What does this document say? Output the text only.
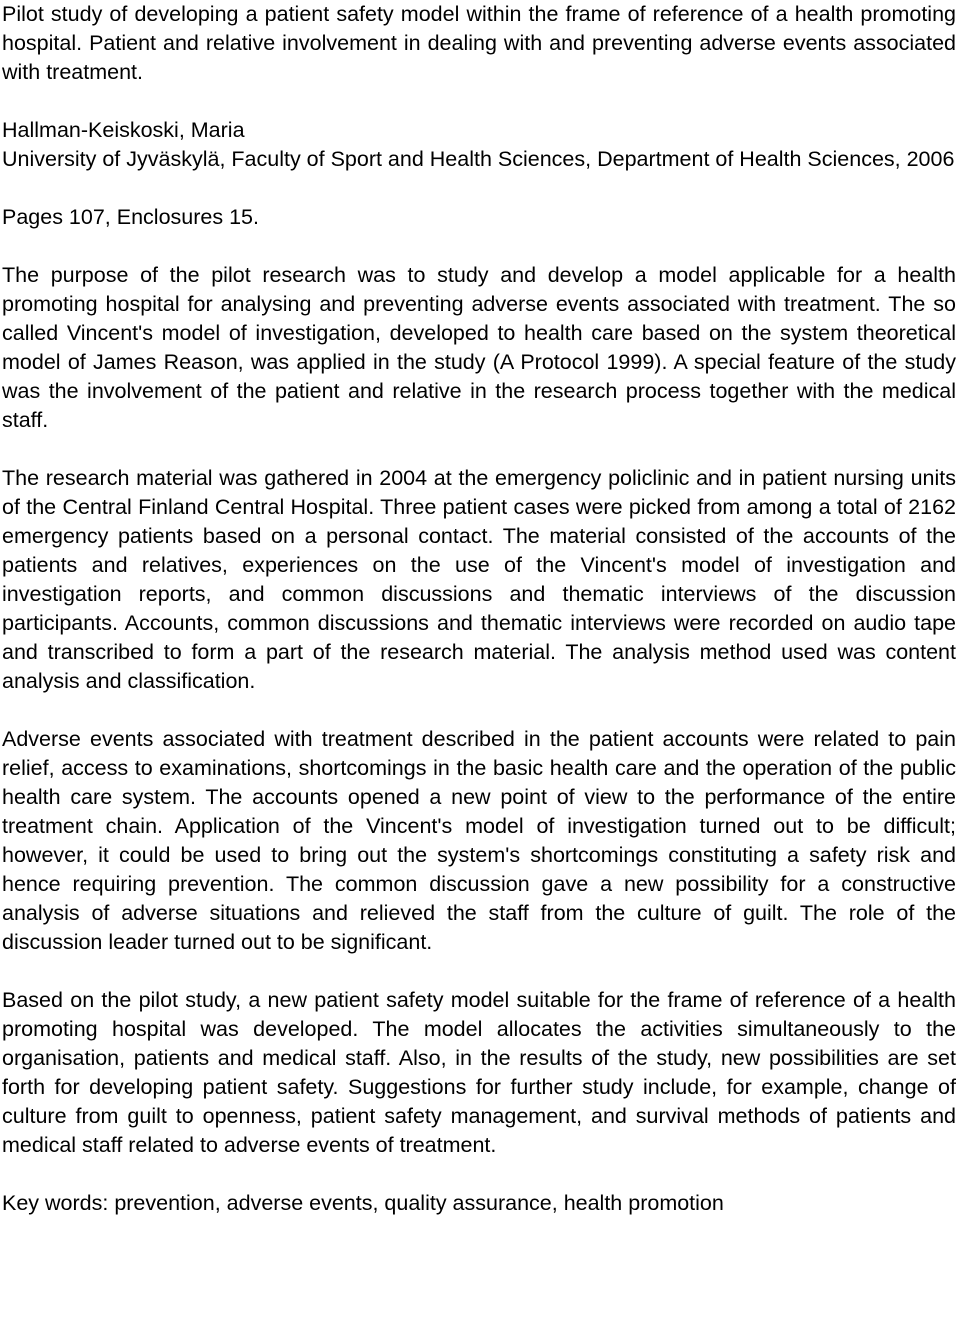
Pilot study of developing a patient safety model within the frame of reference of a health promoting hospital. Patient and relative involvement in dealing with and preventing adverse events associated with treatment.

Hallman-Keiskoski, Maria

University of Jyväskylä, Faculty of Sport and Health Sciences, Department of Health Sciences, 2006

Pages 107, Enclosures 15.

The purpose of the pilot research was to study and develop a model applicable for a health promoting hospital for analysing and preventing adverse events associated with treatment. The so called Vincent's model of investigation, developed to health care based on the system theoretical model of James Reason, was applied in the study (A Protocol 1999). A special feature of the study was the involvement of the patient and relative in the research process together with the medical staff.

The research material was gathered in 2004 at the emergency policlinic and in patient nursing units of the Central Finland Central Hospital. Three patient cases were picked from among a total of 2162 emergency patients based on a personal contact. The material consisted of the accounts of the patients and relatives, experiences on the use of the Vincent's model of investigation and investigation reports, and common discussions and thematic interviews of the discussion participants. Accounts, common discussions and thematic interviews were recorded on audio tape and transcribed to form a part of the research material. The analysis method used was content analysis and classification.

Adverse events associated with treatment described in the patient accounts were related to pain relief, access to examinations, shortcomings in the basic health care and the operation of the public health care system. The accounts opened a new point of view to the performance of the entire treatment chain. Application of the Vincent's model of investigation turned out to be difficult; however, it could be used to bring out the system's shortcomings constituting a safety risk and hence requiring prevention. The common discussion gave a new possibility for a constructive analysis of adverse situations and relieved the staff from the culture of guilt. The role of the discussion leader turned out to be significant.

Based on the pilot study, a new patient safety model suitable for the frame of reference of a health promoting hospital was developed. The model allocates the activities simultaneously to the organisation, patients and medical staff. Also, in the results of the study, new possibilities are set forth for developing patient safety. Suggestions for further study include, for example, change of culture from guilt to openness, patient safety management, and survival methods of patients and medical staff related to adverse events of treatment.

Key words: prevention, adverse events, quality assurance, health promotion
